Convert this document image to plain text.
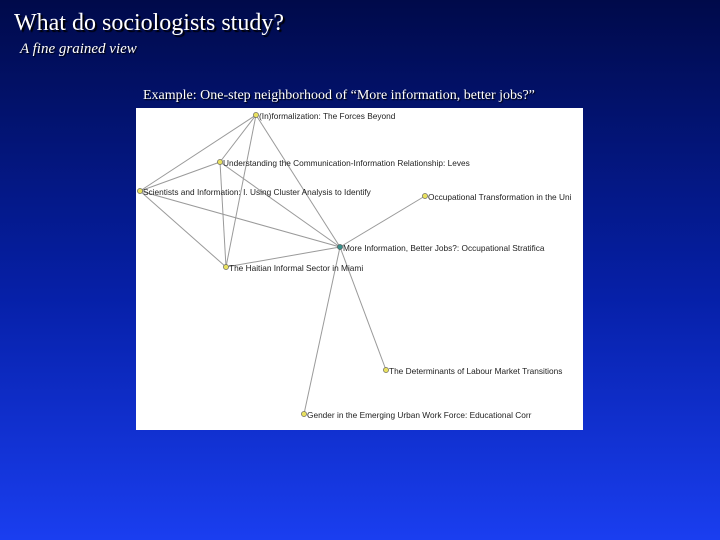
What do sociologists study?
A fine grained view
Example: One-step neighborhood of “More information, better jobs?”
(In)formalization: The Forces Beyond
Understanding the Communication-Information Relationship: Leves
Scientists and Information: I. Using Cluster Analysis to Identify	Occupational Transformation in the Uni
More Information, Better Jobs?: Occupational Stratifica
The Haitian Informal Sector in Miami
The Determinants of Labour Market Transitions
Gender in the Emerging Urban Work Force: Educational Corr
